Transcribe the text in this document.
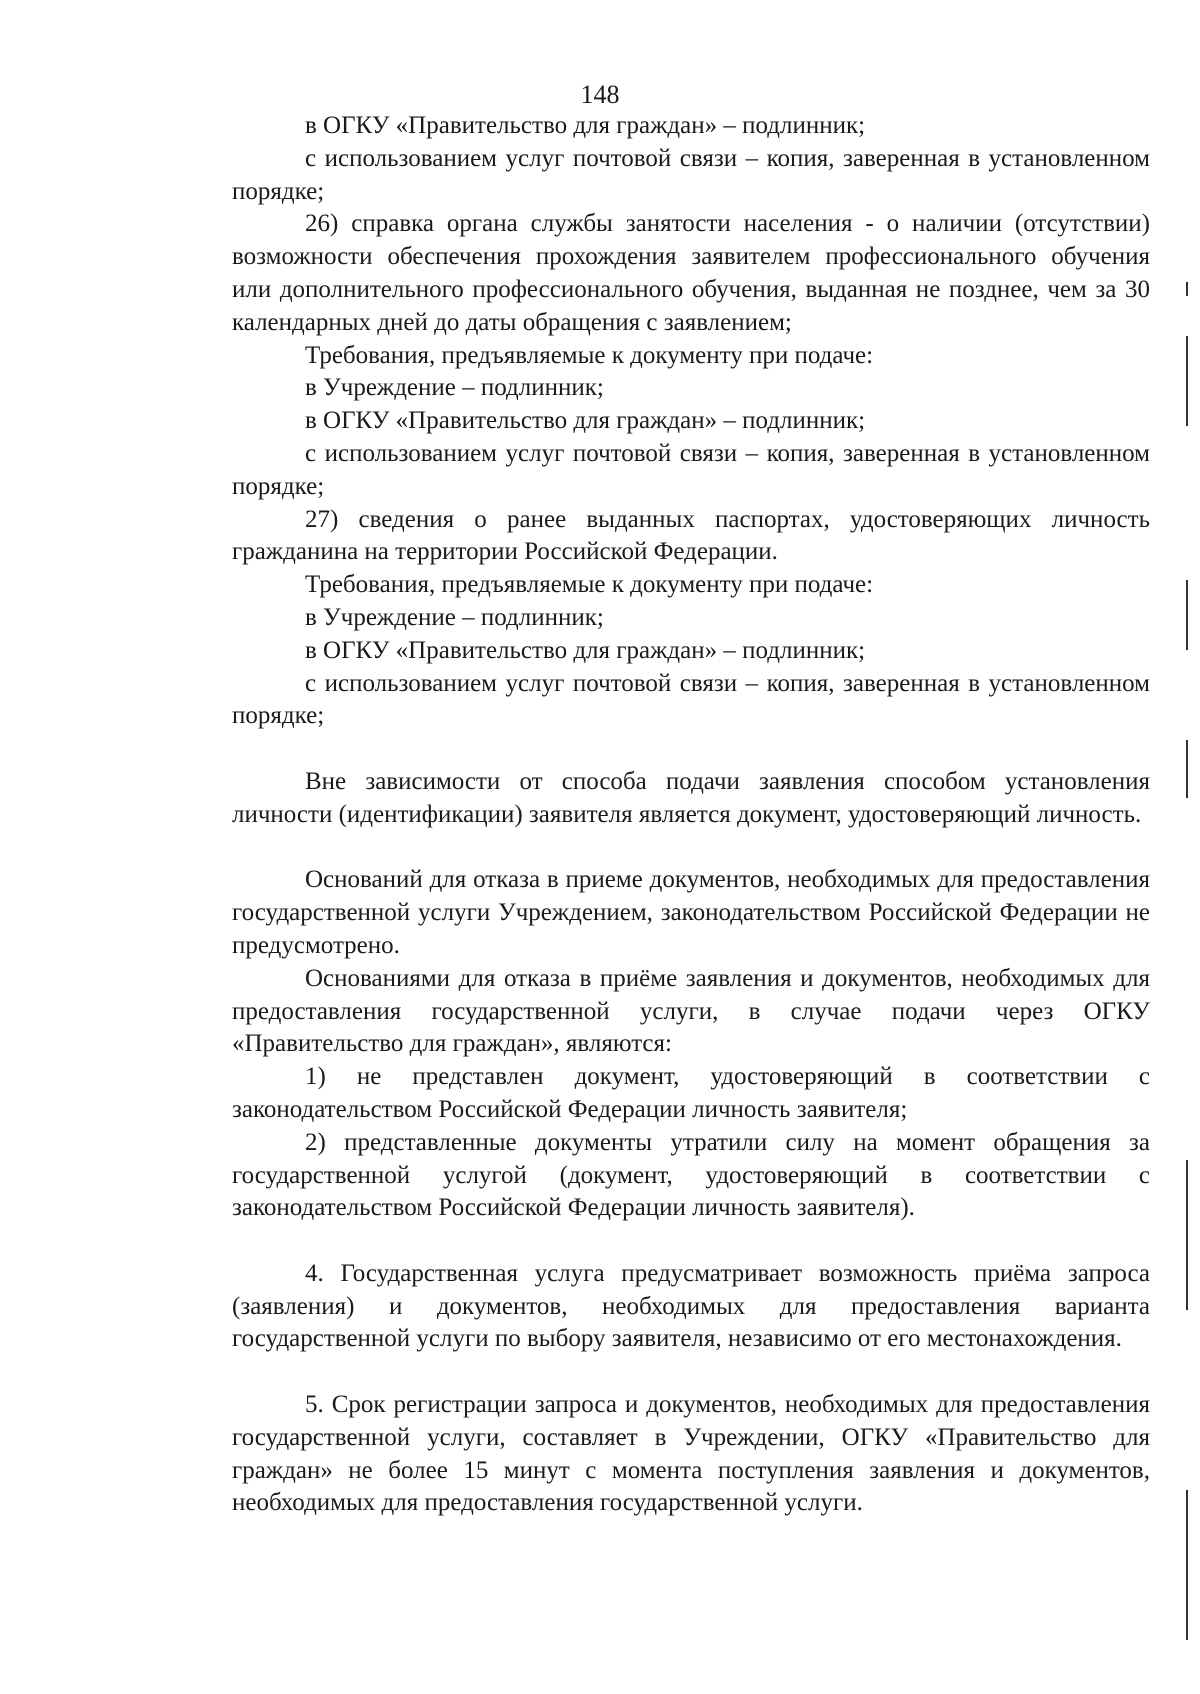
148

в ОГКУ «Правительство для граждан» – подлинник;

с использованием услуг почтовой связи – копия, заверенная в установленном порядке;

26) справка органа службы занятости населения - о наличии (отсутствии) возможности обеспечения прохождения заявителем профессионального обучения или дополнительного профессионального обучения, выданная не позднее, чем за 30 календарных дней до даты обращения с заявлением;

Требования, предъявляемые к документу при подаче:

в Учреждение – подлинник;

в ОГКУ «Правительство для граждан» – подлинник;

с использованием услуг почтовой связи – копия, заверенная в установленном порядке;

27) сведения о ранее выданных паспортах, удостоверяющих личность гражданина на территории Российской Федерации.

Требования, предъявляемые к документу при подаче:

в Учреждение – подлинник;

в ОГКУ «Правительство для граждан» – подлинник;

с использованием услуг почтовой связи – копия, заверенная в установленном порядке;

Вне зависимости от способа подачи заявления способом установления личности (идентификации) заявителя является документ, удостоверяющий личность.

Оснований для отказа в приеме документов, необходимых для предоставления государственной услуги Учреждением, законодательством Российской Федерации не предусмотрено.

Основаниями для отказа в приёме заявления и документов, необходимых для предоставления государственной услуги, в случае подачи через ОГКУ «Правительство для граждан», являются:

1) не представлен документ, удостоверяющий в соответствии с законодательством Российской Федерации личность заявителя;

2) представленные документы утратили силу на момент обращения за государственной услугой (документ, удостоверяющий в соответствии с законодательством Российской Федерации личность заявителя).

4. Государственная услуга предусматривает возможность приёма запроса (заявления) и документов, необходимых для предоставления варианта государственной услуги по выбору заявителя, независимо от его местонахождения.

5. Срок регистрации запроса и документов, необходимых для предоставления государственной услуги, составляет в Учреждении, ОГКУ «Правительство для граждан» не более 15 минут с момента поступления заявления и документов, необходимых для предоставления государственной услуги.
